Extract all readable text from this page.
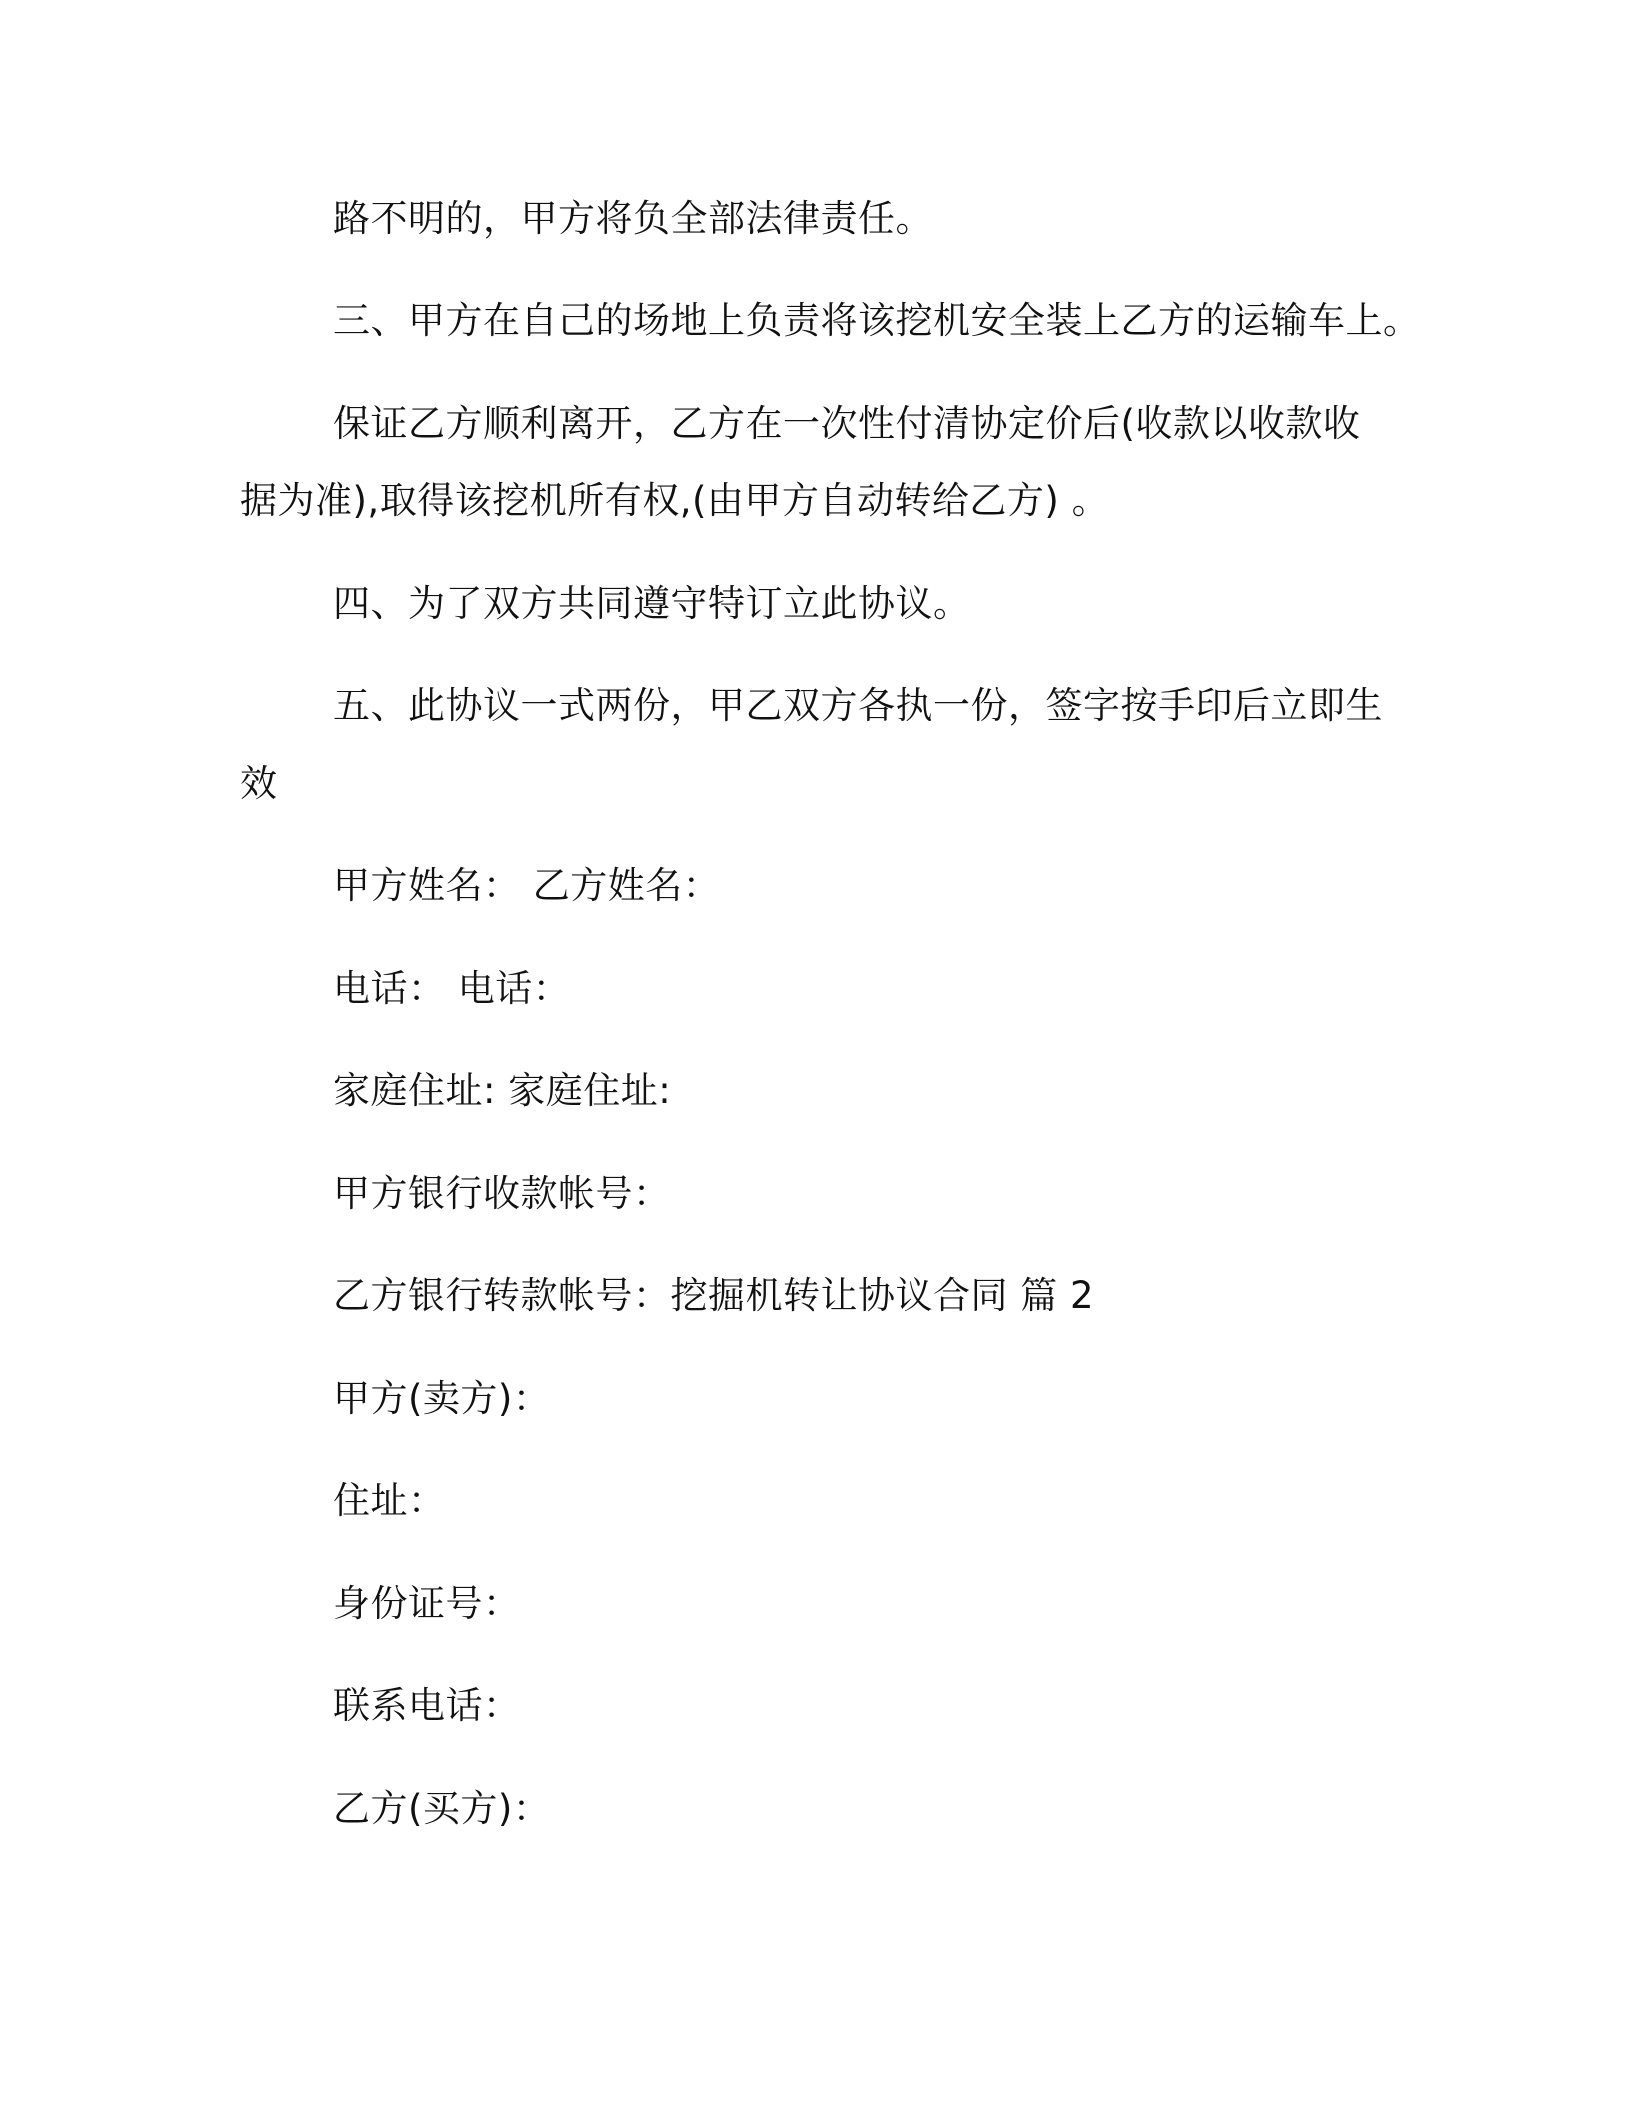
路不明的，甲方将负全部法律责任。
三、甲方在自己的场地上负责将该挖机安全装上乙方的运输车上。
保证乙方顺利离开，乙方在一次性付清协定价后(收款以收款收
据为准),取得该挖机所有权,(由甲方自动转给乙方) 。
四、为了双方共同遵守特订立此协议。
五、此协议一式两份，甲乙双方各执一份，签字按手印后立即生
效
甲方姓名： 乙方姓名：
电话： 电话：
家庭住址: 家庭住址:
甲方银行收款帐号：
乙方银行转款帐号：挖掘机转让协议合同 篇 2
甲方(卖方)：
住址：
身份证号：
联系电话：
乙方(买方)：
